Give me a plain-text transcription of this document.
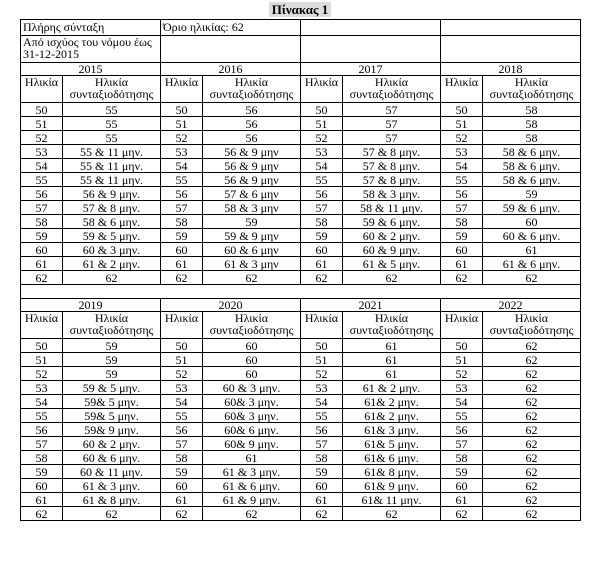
Πίνακας 1
Πλήρης σύνταξη		Όριο ηλικίας: 62					
Από ισχύος του νόμου έως 31-12-2015							
2015		2016		2017		2018	
Ηλικία	Ηλικία συνταξιοδότησης	Ηλικία	Ηλικία συνταξιοδότησης	Ηλικία	Ηλικία συνταξιοδότησης	Ηλικία	Ηλικία συνταξιοδότησης
50	55	50	56	50	57	50	58
51	55	51	56	51	57	51	58
52	55	52	56	52	57	52	58
53	55 & 11 μην.	53	56 & 9 μην	53	57 & 8 μην.	53	58 & 6 μην.
54	55 & 11 μην.	54	56 & 9 μην	54	57 & 8 μην.	54	58 & 6 μην.
55	55 & 11 μην.	55	56 & 9 μην	55	57 & 8 μην.	55	58 & 6 μην.
56	56 & 9 μην.	56	57 & 6 μην	56	58 & 3 μην.	56	59
57	57 & 8 μην.	57	58 & 3 μην	57	58 & 11 μην.	57	59 & 6 μην.
58	58 & 6 μην.	58	59	58	59 & 6 μην.	58	60
59	59 & 5 μην.	59	59 & 9 μην	59	60 & 2 μην.	59	60 & 6 μην.
60	60 & 3 μην.	60	60 & 6 μην	60	60 & 9 μην.	60	61
61	61 & 2 μην.	61	61 & 3 μην	61	61 & 5 μην.	61	61 & 6 μην.
62	62	62	62	62	62	62	62

2019		2020		2021		2022	
Ηλικία	Ηλικία συνταξιοδότησης	Ηλικία	Ηλικία συνταξιοδότησης	Ηλικία	Ηλικία συνταξιοδότησης	Ηλικία	Ηλικία συνταξιοδότησης
50	59	50	60	50	61	50	62
51	59	51	60	51	61	51	62
52	59	52	60	52	61	52	62
53	59 & 5 μην.	53	60 & 3 μην.	53	61 & 2 μην.	53	62
54	59& 5 μην.	54	60& 3 μην.	54	61& 2 μην.	54	62
55	59& 5 μην.	55	60& 3 μην.	55	61& 2 μην.	55	62
56	59& 9 μην.	56	60& 6 μην.	56	61& 3 μην.	56	62
57	60 & 2 μην.	57	60& 9 μην.	57	61& 5 μην.	57	62
58	60 & 6 μην.	58	61	58	61& 6 μην.	58	62
59	60 & 11 μην.	59	61 & 3 μην.	59	61& 8 μην.	59	62
60	61 & 3 μην.	60	61 & 6 μην.	60	61& 9 μην.	60	62
61	61 & 8 μην.	61	61 & 9 μην.	61	61& 11 μην.	61	62
62	62	62	62	62	62	62	62
